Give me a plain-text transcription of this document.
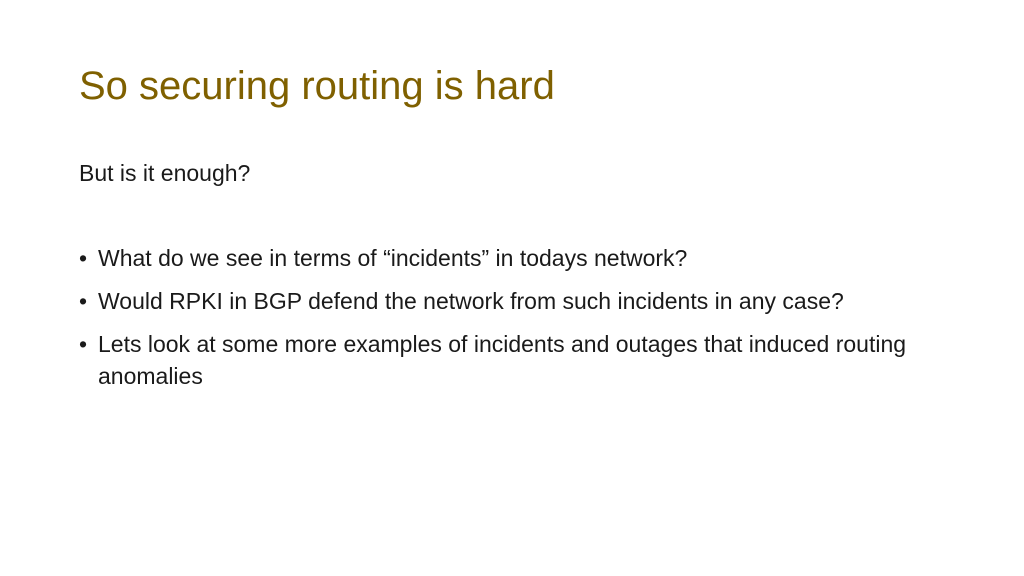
So securing routing is hard
But is it enough?
• What do we see in terms of “incidents” in todays network?
• Would RPKI in BGP defend the network from such incidents in any case?
• Lets look at some more examples of incidents and outages that induced routing anomalies
